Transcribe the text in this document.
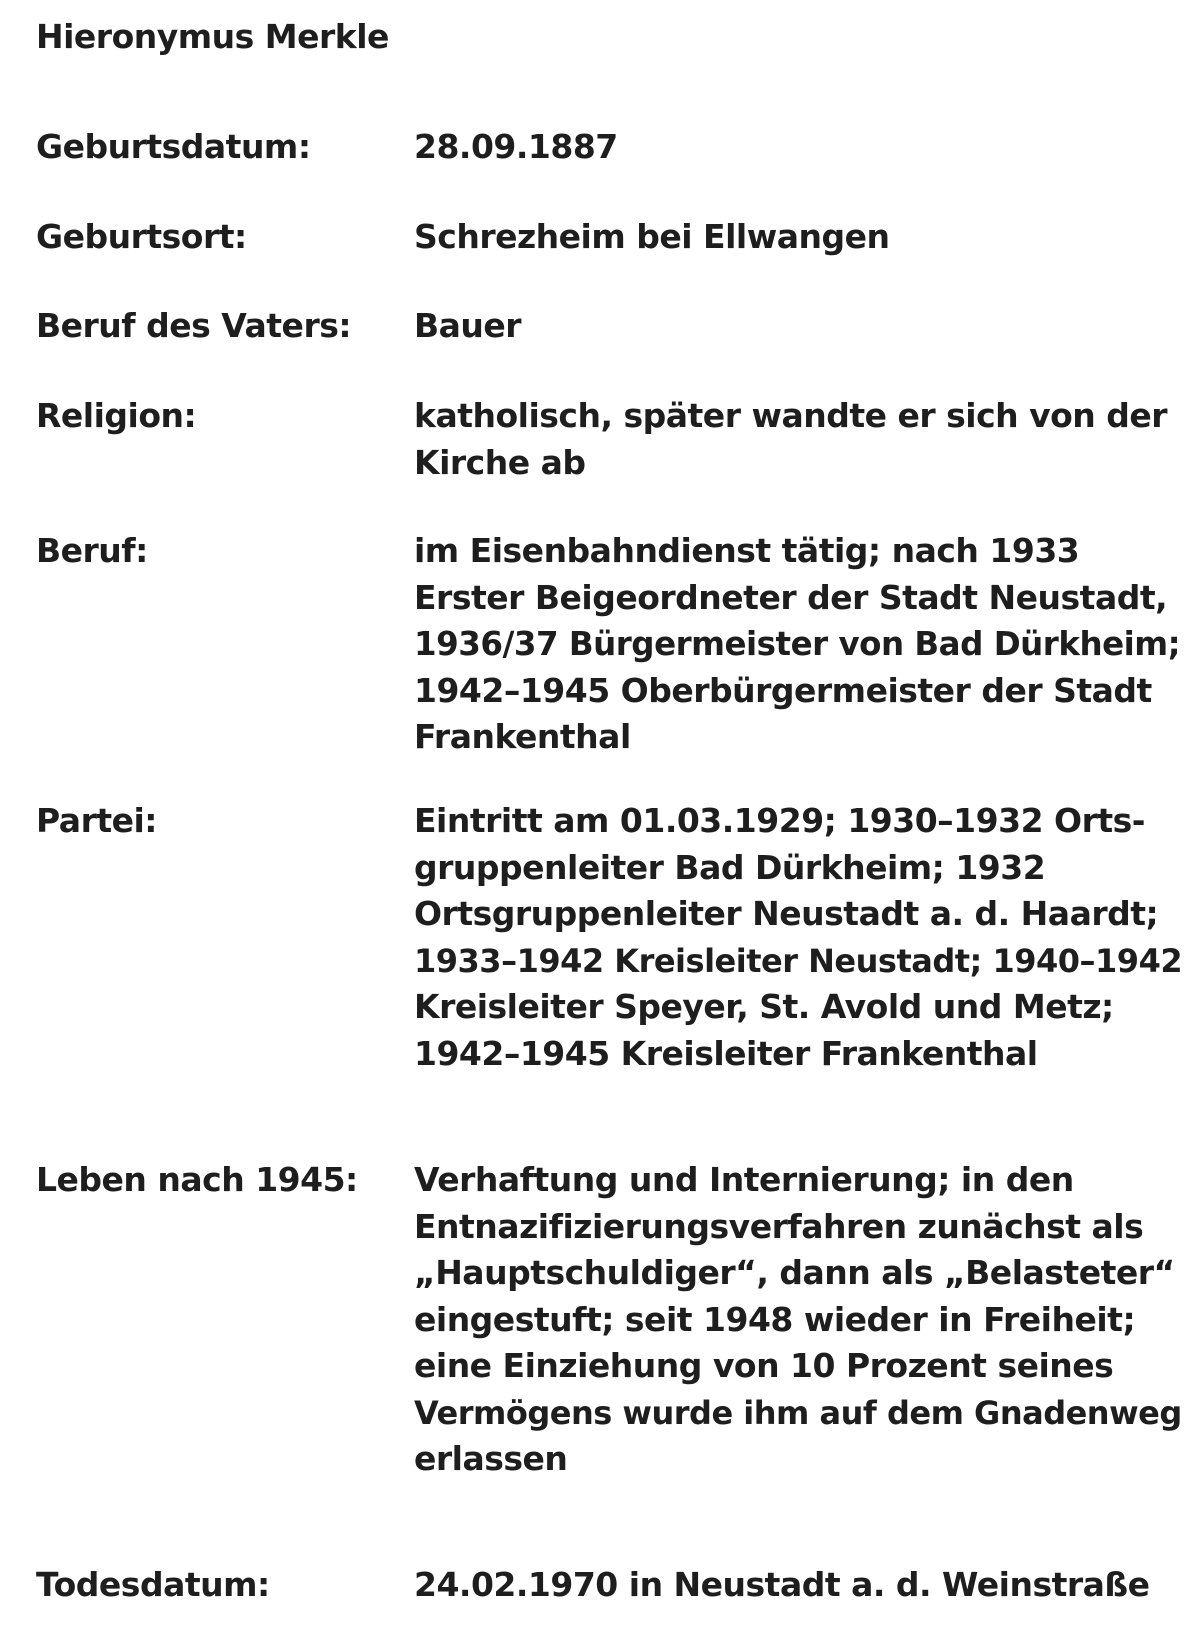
Hieronymus Merkle
Geburtsdatum:	28.09.1887
Geburtsort:	Schrezheim bei Ellwangen
Beruf des Vaters:	Bauer
Religion:	katholisch, später wandte er sich von der
Kirche ab
Beruf:	im Eisenbahndienst tätig; nach 1933
Erster Beigeordneter der Stadt Neustadt,
1936/37 Bürgermeister von Bad Dürkheim;
1942–1945 Oberbürgermeister der Stadt
Frankenthal
Partei:	Eintritt am 01.03.1929; 1930–1932 Orts-
gruppenleiter Bad Dürkheim; 1932
Ortsgruppenleiter Neustadt a. d. Haardt;
1933–1942 Kreisleiter Neustadt; 1940–1942
Kreisleiter Speyer, St. Avold und Metz;
1942–1945 Kreisleiter Frankenthal
Leben nach 1945:	Verhaftung und Internierung; in den
Entnazifizierungsverfahren zunächst als
„Hauptschuldiger“, dann als „Belasteter“
eingestuft; seit 1948 wieder in Freiheit;
eine Einziehung von 10 Prozent seines
Vermögens wurde ihm auf dem Gnadenweg
erlassen
Todesdatum:	24.02.1970 in Neustadt a. d. Weinstraße
